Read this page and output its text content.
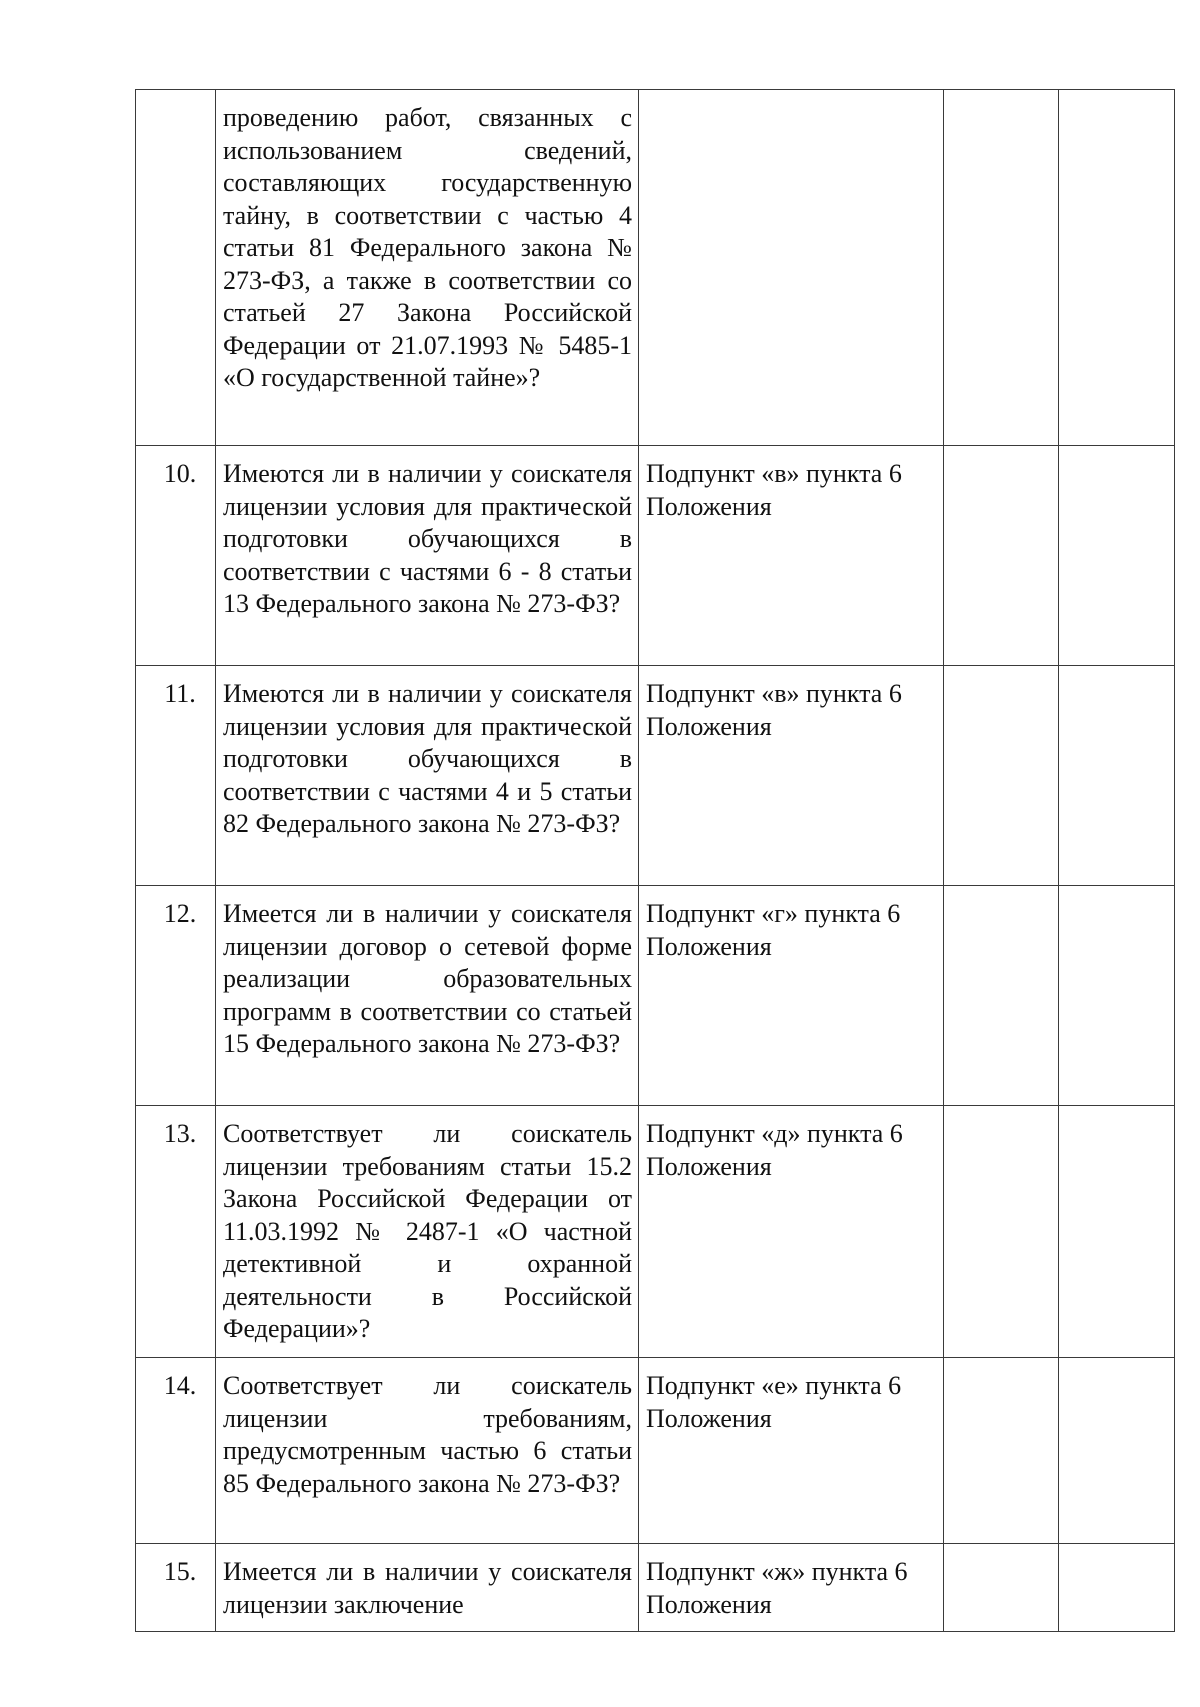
	проведению работ, связанных с использованием сведений, составляющих государственную тайну, в соответствии с частью 4 статьи 81 Федерального закона № 273-ФЗ, а также в соответствии со статьей 27 Закона Российской Федерации от 21.07.1993 № 5485-1 «О государственной тайне»?			
10.	Имеются ли в наличии у соискателя лицензии условия для практической подготовки обучающихся в соответствии с частями 6 - 8 статьи 13 Федерального закона № 273-ФЗ?	Подпункт «в» пункта 6 Положения		
11.	Имеются ли в наличии у соискателя лицензии условия для практической подготовки обучающихся в соответствии с частями 4 и 5 статьи 82 Федерального закона № 273-ФЗ?	Подпункт «в» пункта 6 Положения		
12.	Имеется ли в наличии у соискателя лицензии договор о сетевой форме реализации образовательных программ в соответствии со статьей 15 Федерального закона № 273-ФЗ?	Подпункт «г» пункта 6 Положения		
13.	Соответствует ли соискатель лицензии требованиям статьи 15.2 Закона Российской Федерации от 11.03.1992 № 2487-1 «О частной детективной и охранной деятельности в Российской Федерации»?	Подпункт «д» пункта 6 Положения		
14.	Соответствует ли соискатель лицензии требованиям, предусмотренным частью 6 статьи 85 Федерального закона № 273-ФЗ?	Подпункт «е» пункта 6 Положения		
15.	Имеется ли в наличии у соискателя лицензии заключение	Подпункт «ж» пункта 6 Положения		
